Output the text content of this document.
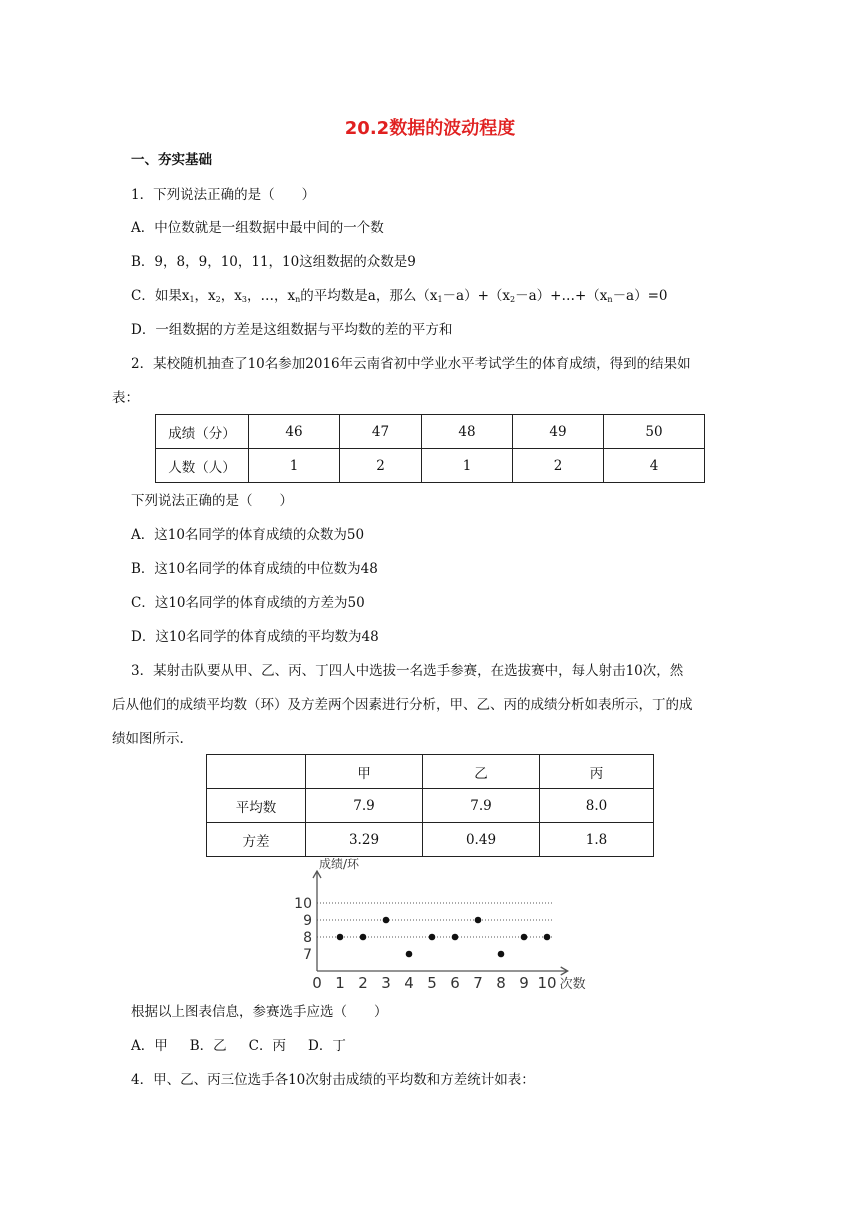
20.2数据的波动程度
一、夯实基础
1．下列说法正确的是（　　）
A．中位数就是一组数据中最中间的一个数
B．9，8，9，10，11，10这组数据的众数是9
C．如果$x_1$，$x_2$，$x_3$，…，$x_n$的平均数是a，那么$(x_1-a)+(x_2-a)+\dots+(x_n-a)=0$
D．一组数据的方差是这组数据与平均数的差的平方和
2．某校随机抽查了10名参加2016年云南省初中学业水平考试学生的体育成绩，得到的结果如
表：
成绩（分）	46	47	48	49	50
人数（人）	1	2	1	2	4
下列说法正确的是（　　）
A．这10名同学的体育成绩的众数为50
B．这10名同学的体育成绩的中位数为48
C．这10名同学的体育成绩的方差为50
D．这10名同学的体育成绩的平均数为48
3．某射击队要从甲、乙、丙、丁四人中选拔一名选手参赛，在选拔赛中，每人射击10次，然
后从他们的成绩平均数（环）及方差两个因素进行分析，甲、乙、丙的成绩分析如表所示，丁的成
绩如图所示.
	甲	乙	丙
平均数	7.9	7.9	8.0
方差	3.29	0.49	1.8
0 1 2 3 4 5 6 7 8 9 10
7
8
9
10
成绩/环
次数
根据以上图表信息，参赛选手应选（　　）
A．甲 B．乙 C．丙 D．丁
4．甲、乙、丙三位选手各10次射击成绩的平均数和方差统计如表：
